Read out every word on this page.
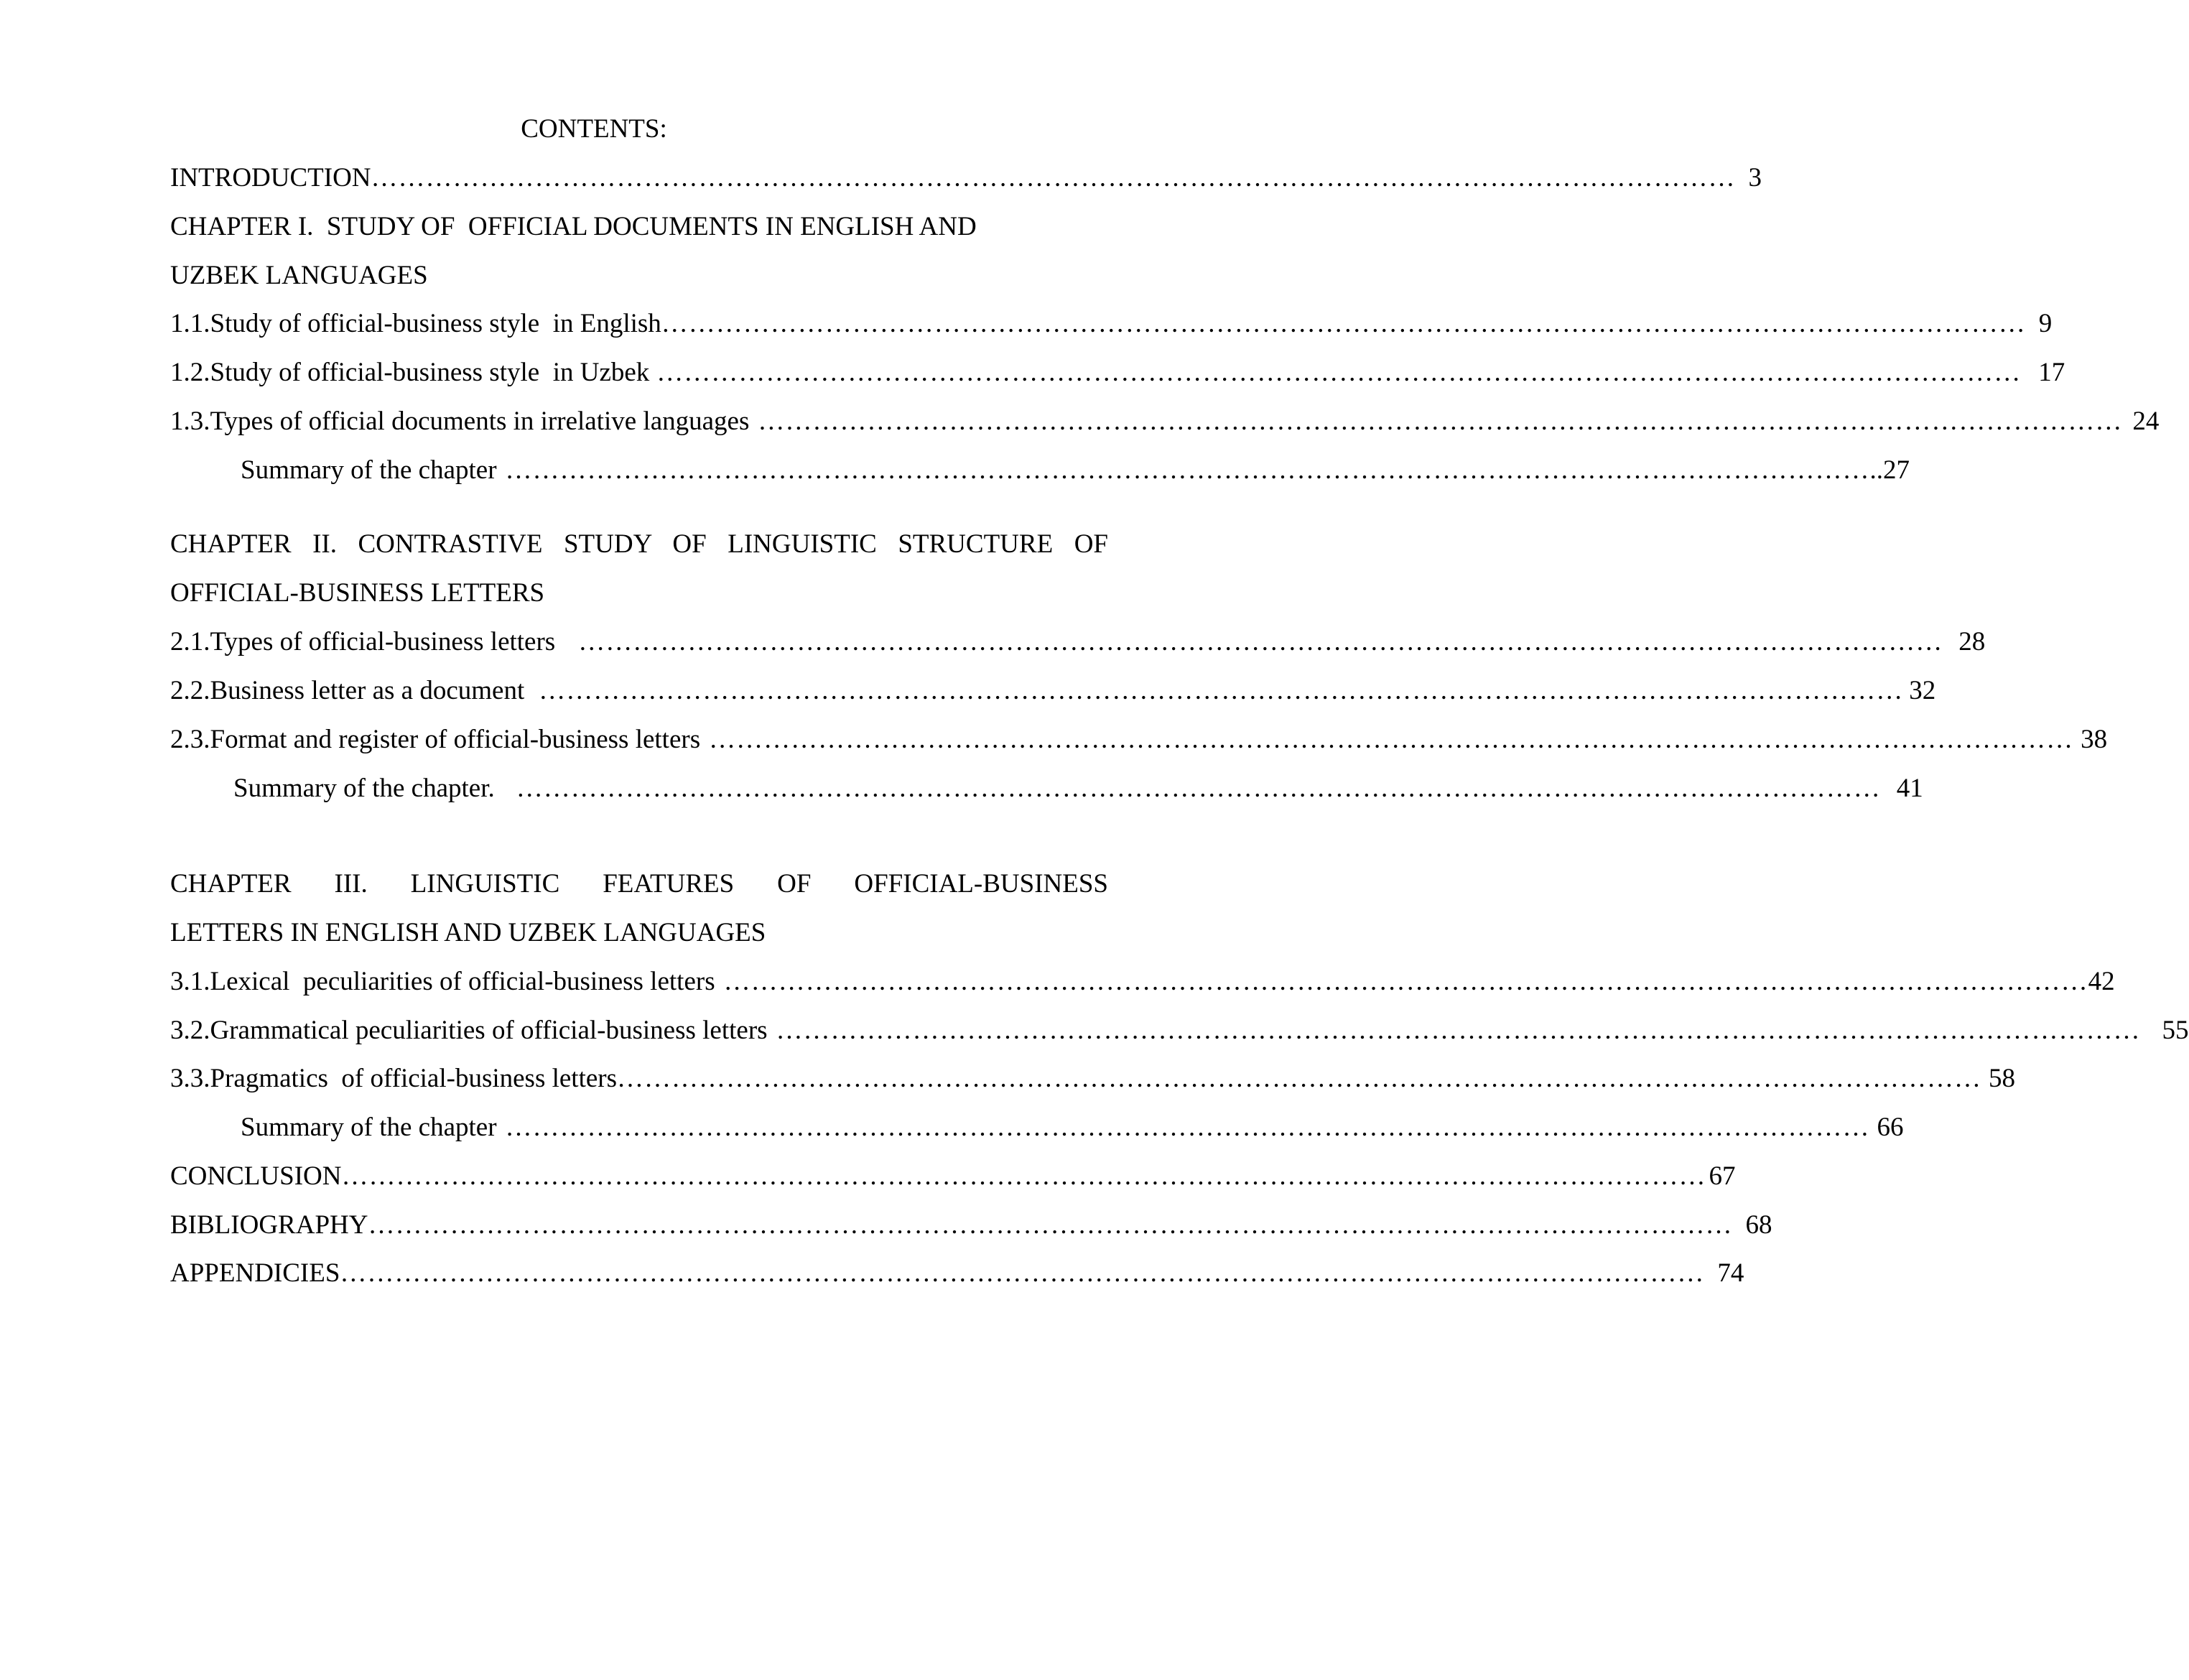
CONTENTS:
INTRODUCTION …………………………………………………………………………………………………………………………………… 3
CHAPTER I.  STUDY OF  OFFICIAL DOCUMENTS IN ENGLISH AND
UZBEK LANGUAGES
1.1. Study of official-business style  in English …………………………………………………………………………………………………………………………………… 9
1.2. Study of official-business style  in Uzbek …………………………………………………………………………………………………………………………………… 17
1.3. Types of official documents in irrelative languages …………………………………………………………………………………………………………………………………… 24
Summary of the chapter …………………………………………………………………………………………………………………………………… ..27
CHAPTER II. CONTRASTIVE STUDY OF LINGUISTIC STRUCTURE OF
OFFICIAL-BUSINESS LETTERS
2.1. Types of official-business letters …………………………………………………………………………………………………………………………………… 28
2.2. Business letter as a document …………………………………………………………………………………………………………………………………… 32
2.3. Format and register of official-business letters …………………………………………………………………………………………………………………………………… 38
Summary of the chapter. …………………………………………………………………………………………………………………………………… 41
CHAPTER III. LINGUISTIC FEATURES OF OFFICIAL-BUSINESS
LETTERS IN ENGLISH AND UZBEK LANGUAGES
3.1. Lexical  peculiarities of official-business letters …………………………………………………………………………………………………………………………………… 42
3.2. Grammatical peculiarities of official-business letters …………………………………………………………………………………………………………………………………… 55
3.3. Pragmatics  of official-business letters …………………………………………………………………………………………………………………………………… 58
Summary of the chapter …………………………………………………………………………………………………………………………………… 66
CONCLUSION …………………………………………………………………………………………………………………………………… 67
BIBLIOGRAPHY …………………………………………………………………………………………………………………………………… 68
APPENDICIES …………………………………………………………………………………………………………………………………… 74
